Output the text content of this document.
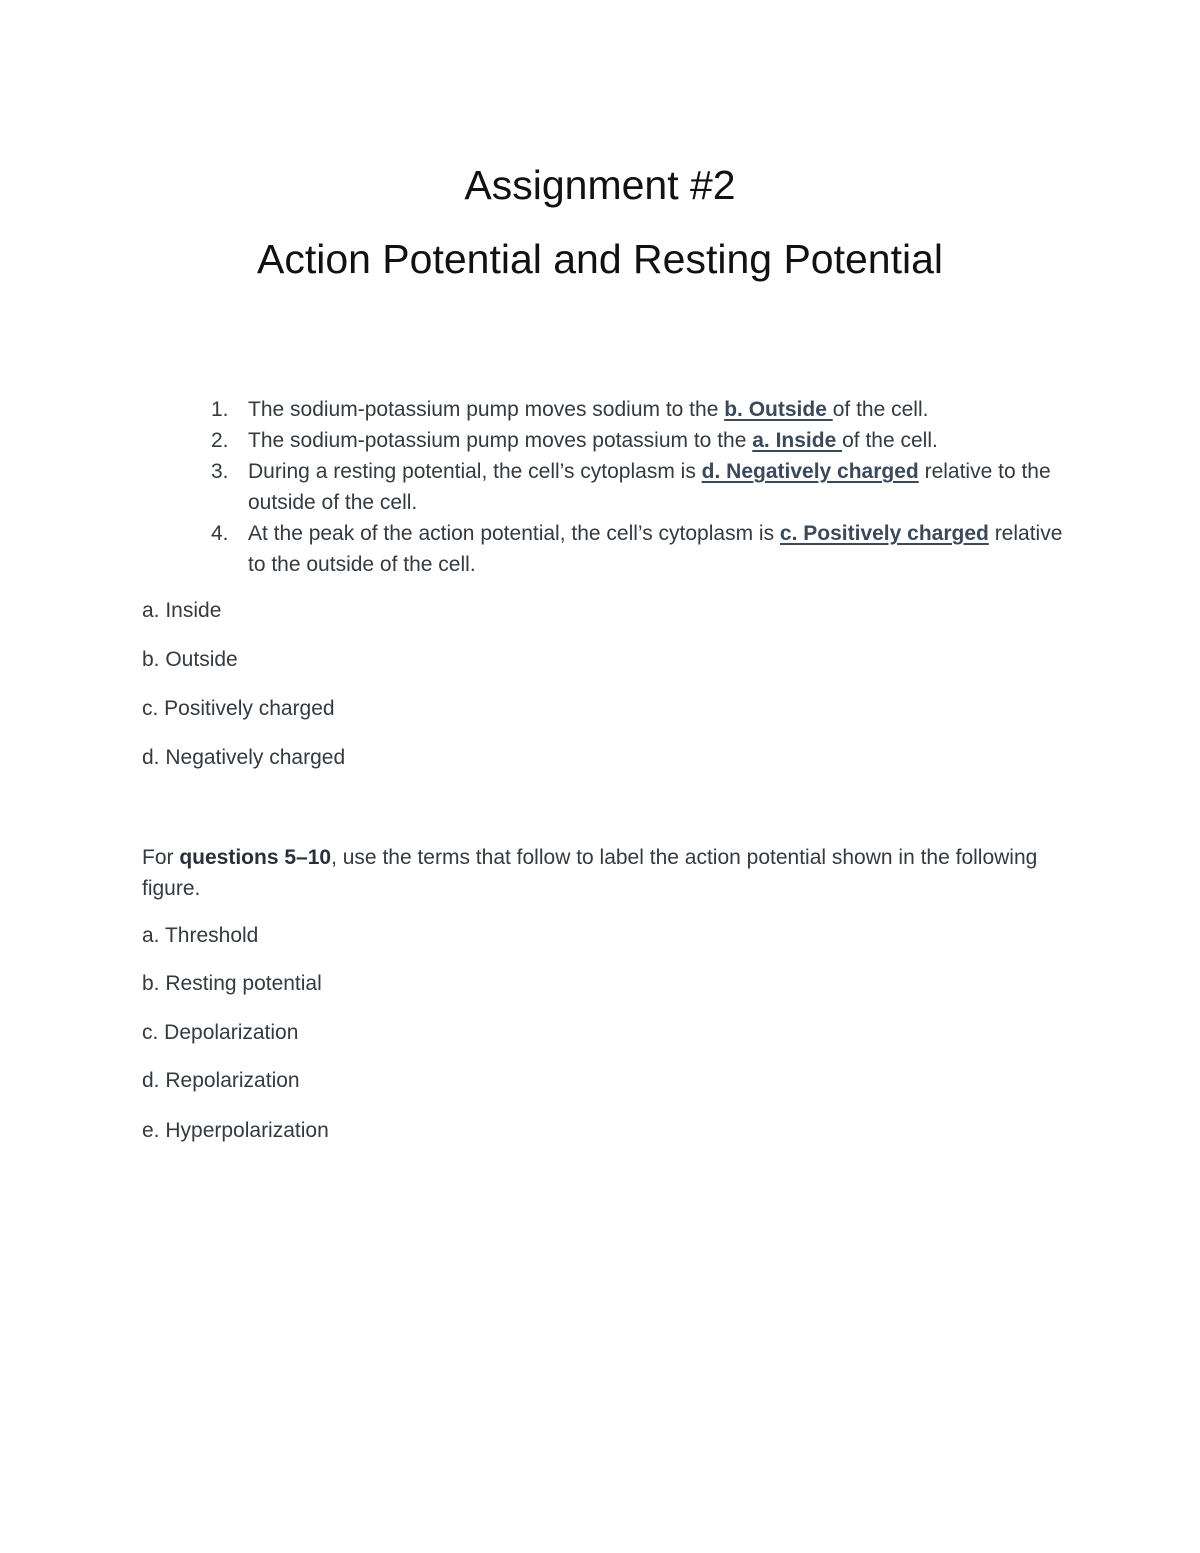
Assignment #2
Action Potential and Resting Potential
1. The sodium-potassium pump moves sodium to the b. Outside of the cell.
2. The sodium-potassium pump moves potassium to the a. Inside of the cell.
3. During a resting potential, the cell’s cytoplasm is d. Negatively charged relative to the outside of the cell.
4. At the peak of the action potential, the cell’s cytoplasm is c. Positively charged relative to the outside of the cell.

a. Inside

b. Outside

c. Positively charged

d. Negatively charged

For questions 5–10, use the terms that follow to label the action potential shown in the following figure.

a. Threshold

b. Resting potential

c. Depolarization

d. Repolarization

e. Hyperpolarization
